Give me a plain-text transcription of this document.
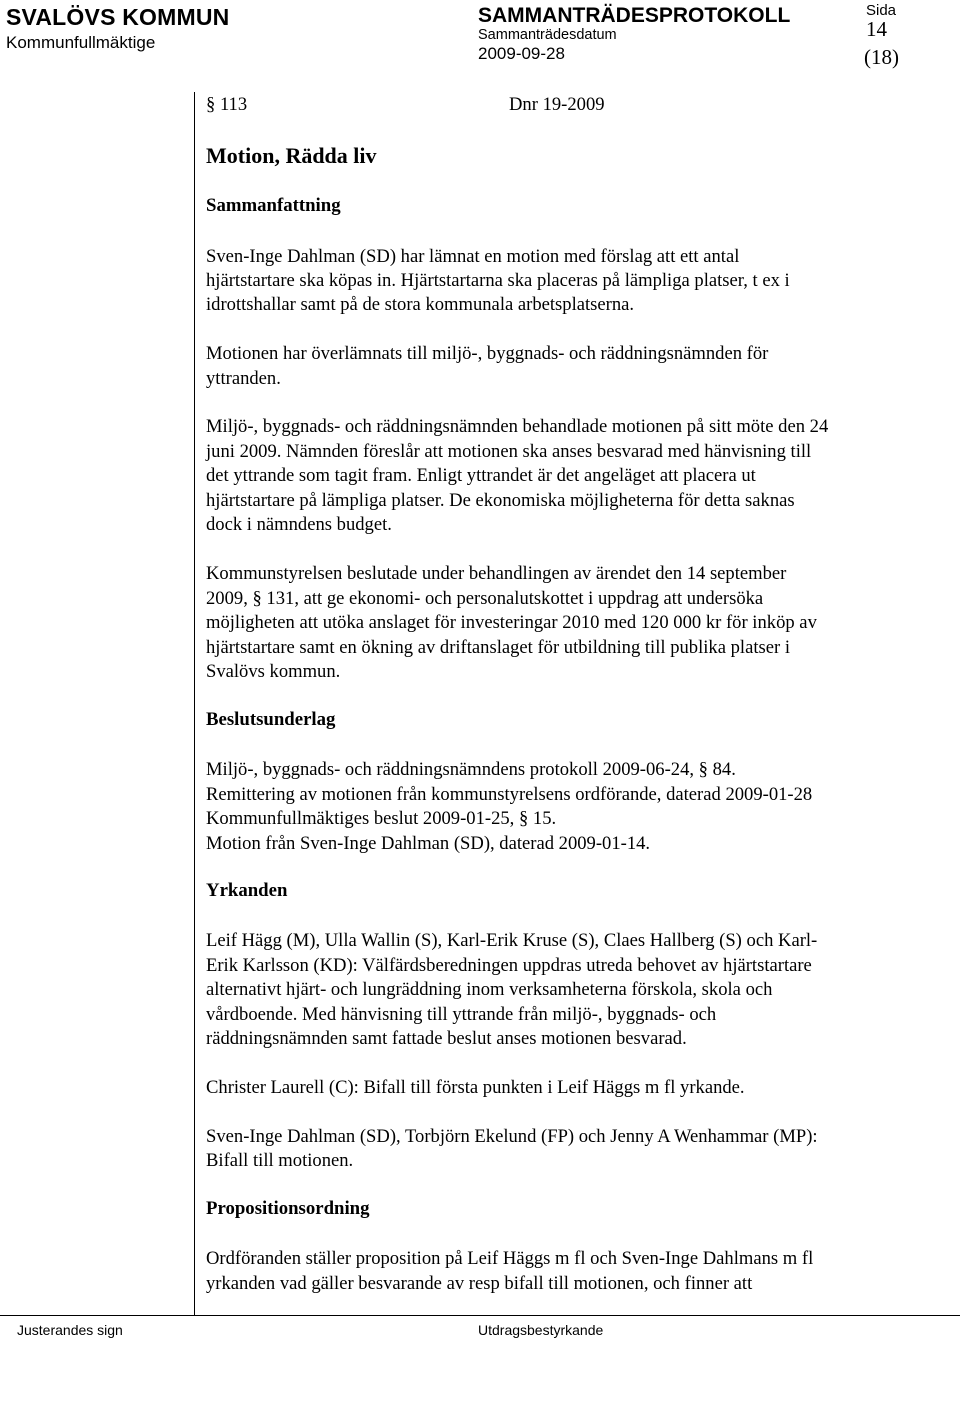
SVALÖVS KOMMUN
Kommunfullmäktige
SAMMANTRÄDESPROTOKOLL
Sammanträdesdatum
2009-09-28
Sida
14
(18)
§ 113	Dnr 19-2009
Motion, Rädda liv
Sammanfattning
Sven-Inge Dahlman (SD) har lämnat en motion med förslag att ett antal
hjärtstartare ska köpas in. Hjärtstartarna ska placeras på lämpliga platser, t ex i
idrottshallar samt på de stora kommunala arbetsplatserna.
Motionen har överlämnats till miljö-, byggnads- och räddningsnämnden för
yttranden.
Miljö-, byggnads- och räddningsnämnden behandlade motionen på sitt möte den 24
juni 2009. Nämnden föreslår att motionen ska anses besvarad med hänvisning till
det yttrande som tagit fram. Enligt yttrandet är det angeläget att placera ut
hjärtstartare på lämpliga platser. De ekonomiska möjligheterna för detta saknas
dock i nämndens budget.
Kommunstyrelsen beslutade under behandlingen av ärendet den 14 september
2009, § 131, att ge ekonomi- och personalutskottet i uppdrag att undersöka
möjligheten att utöka anslaget för investeringar 2010 med 120 000 kr för inköp av
hjärtstartare samt en ökning av driftanslaget för utbildning till publika platser i
Svalövs kommun.
Beslutsunderlag
Miljö-, byggnads- och räddningsnämndens protokoll 2009-06-24, § 84.
Remittering av motionen från kommunstyrelsens ordförande, daterad 2009-01-28
Kommunfullmäktiges beslut 2009-01-25, § 15.
Motion från Sven-Inge Dahlman (SD), daterad 2009-01-14.
Yrkanden
Leif Hägg (M), Ulla Wallin (S), Karl-Erik Kruse (S), Claes Hallberg (S) och Karl-
Erik Karlsson (KD): Välfärdsberedningen uppdras utreda behovet av hjärtstartare
alternativt hjärt- och lungräddning inom verksamheterna förskola, skola och
vårdboende. Med hänvisning till yttrande från miljö-, byggnads- och
räddningsnämnden samt fattade beslut anses motionen besvarad.
Christer Laurell (C): Bifall till första punkten i Leif Häggs m fl yrkande.
Sven-Inge Dahlman (SD), Torbjörn Ekelund (FP) och Jenny A Wenhammar (MP):
Bifall till motionen.
Propositionsordning
Ordföranden ställer proposition på Leif Häggs m fl och Sven-Inge Dahlmans m fl
yrkanden vad gäller besvarande av resp bifall till motionen, och finner att
Justerandes sign	Utdragsbestyrkande
